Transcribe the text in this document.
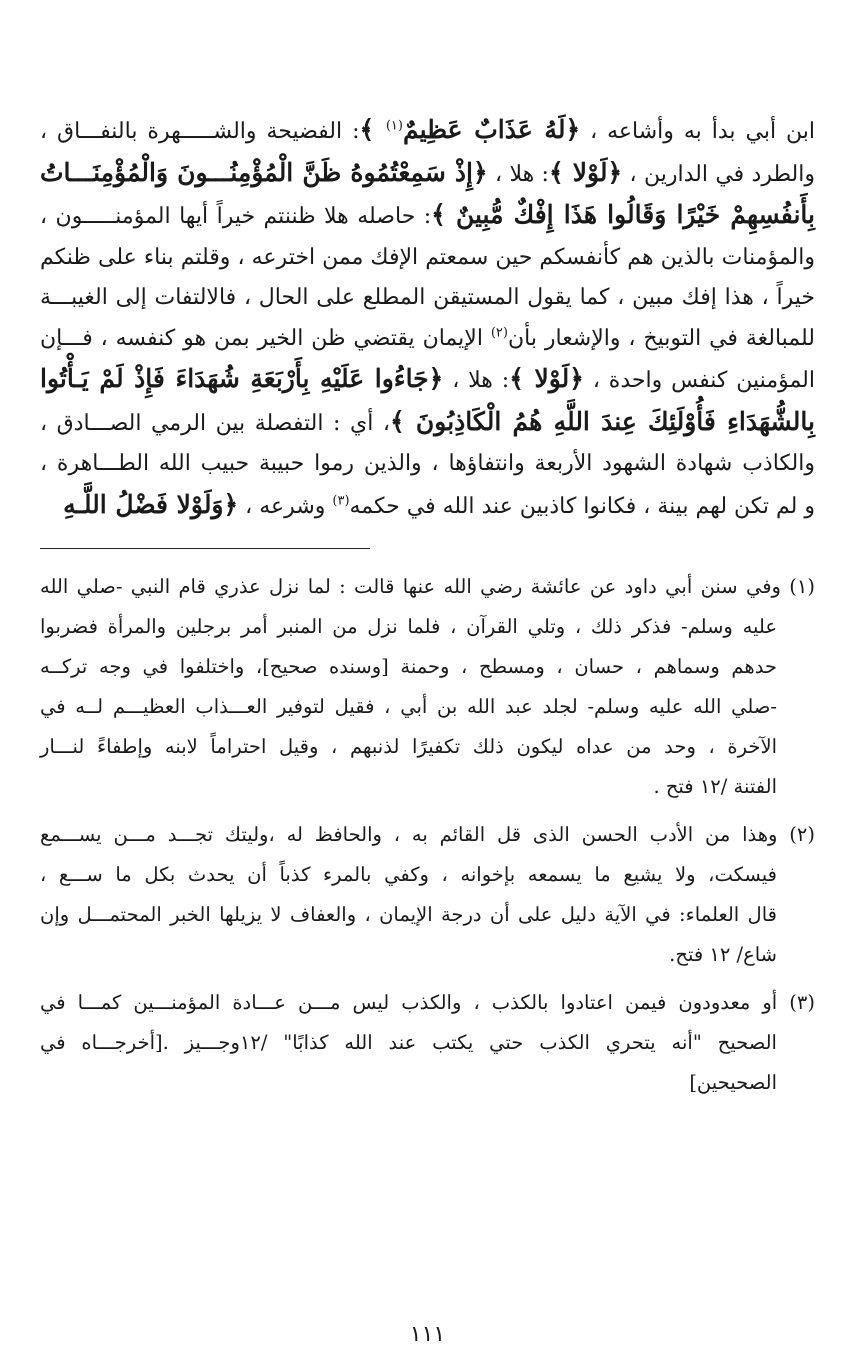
ابن أبي بدأ به وأشاعه ، ﴿لَهُ عَذَابٌ عَظِيمٌ$^{(١)}$ ﴾: الفضيحة والشـــــهرة بالنفـــاق ،

والطرد في الدارين ، ﴿لَوْلا ﴾: هلا ، ﴿إِذْ سَمِعْتُمُوهُ ظَنَّ الْمُؤْمِنُـــونَ وَالْمُؤْمِنَـــاتُ

بِأَنفُسِهِمْ خَيْرًا وَقَالُوا هَذَا إِفْكٌ مُّبِينٌ ﴾: حاصله هلا ظننتم خيراً أيها المؤمنـــــون ،

والمؤمنات بالذين هم كأنفسكم حين سمعتم الإفك ممن اخترعه ، وقلتم بناء على ظنكم

خيراً ، هذا إفك مبين ، كما يقول المستيقن المطلع على الحال ، فالالتفات إلى الغيبـــة

للمبالغة في التوبيخ ، والإشعار بأن$^{(٢)}$ الإيمان يقتضي ظن الخير بمن هو كنفسه ، فـــإن

المؤمنين كنفس واحدة ، ﴿لَوْلا ﴾: هلا ، ﴿جَاءُوا عَلَيْهِ بِأَرْبَعَةِ شُهَدَاءَ فَإِذْ لَمْ يَـأْتُوا

بِالشُّهَدَاءِ فَأُوْلَئِكَ عِندَ اللَّهِ هُمُ الْكَاذِبُونَ ﴾، أي : التفصلة بين الرمي الصـــادق ،

والكاذب شهادة الشهود الأربعة وانتفاؤها ، والذين رموا حبيبة حبيب الله الطـــاهرة ،

و لم تكن لهم بينة ، فكانوا كاذبين عند الله في حكمه$^{(٣)}$ وشرعه ، ﴿وَلَوْلا فَضْلُ اللَّـهِ

(١) وفي سنن أبي داود عن عائشة رضي الله عنها قالت : لما نزل عذري قام النبي -صلي الله
عليه وسلم- فذكر ذلك ، وتلي القرآن ، فلما نزل من المنبر أمر برجلين والمرأة فضربوا
حدهم وسماهم ، حسان ، ومسطح ، وحمنة [وسنده صحيح]، واختلفوا في وجه تركــه
-صلي الله عليه وسلم- لجلد عبد الله بن أبي ، فقيل لتوفير العـــذاب العظيـــم لــه في
الآخرة ، وحد من عداه ليكون ذلك تكفيرًا لذنبهم ، وقيل احتراماً لابنه وإطفاءً لنـــار
الفتنة /١٢ فتح .
(٢) وهذا من الأدب الحسن الذى قل القائم به ، والحافظ له ،وليتك تجـــد مـــن يســـمع
فيسكت، ولا يشيع ما يسمعه بإخوانه ، وكفي بالمرء كذباً أن يحدث بكل ما ســـع ،
قال العلماء: في الآية دليل على أن درجة الإيمان ، والعفاف لا يزيلها الخبر المحتمـــل وإن
شاع/ ١٢ فتح.
(٣) أو معدودون فيمن اعتادوا بالكذب ، والكذب ليس مـــن عـــادة المؤمنـــين كمـــا في
الصحيح "أنه يتحري الكذب حتي يكتب عند الله كذابًا" /١٢وجـــيز .[أخرجـــاه في
الصحيحين]
١١١
